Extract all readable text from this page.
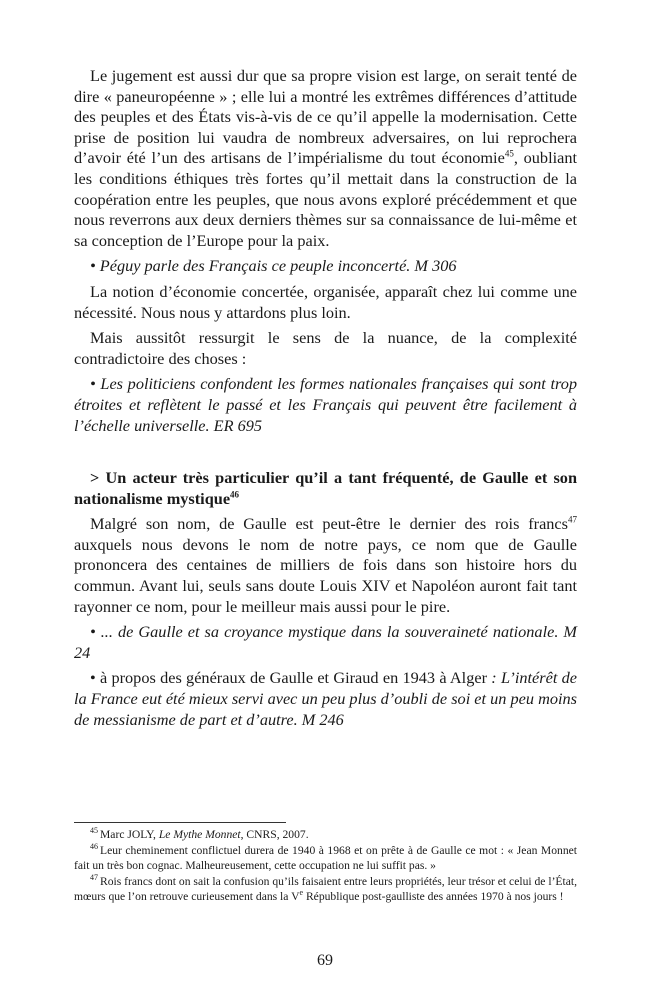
Le jugement est aussi dur que sa propre vision est large, on serait tenté de dire « paneuropéenne » ; elle lui a montré les extrêmes différences d’attitude des peuples et des États vis-à-vis de ce qu’il appelle la modernisation. Cette prise de position lui vaudra de nombreux adversaires, on lui reprochera d’avoir été l’un des artisans de l’impérialisme du tout économie$^{45}$, oubliant les conditions éthiques très fortes qu’il mettait dans la construction de la coopération entre les peuples, que nous avons exploré précédemment et que nous reverrons aux deux derniers thèmes sur sa connaissance de lui-même et sa conception de l’Europe pour la paix.

• Péguy parle des Français ce peuple inconcerté. M 306

La notion d’économie concertée, organisée, apparaît chez lui comme une nécessité. Nous nous y attardons plus loin.

Mais aussitôt ressurgit le sens de la nuance, de la complexité contradictoire des choses :

• Les politiciens confondent les formes nationales françaises qui sont trop étroites et reflètent le passé et les Français qui peuvent être facilement à l’échelle universelle. ER 695

> Un acteur très particulier qu’il a tant fréquenté, de Gaulle et son nationalisme mystique$^{46}$

Malgré son nom, de Gaulle est peut-être le dernier des rois francs$^{47}$ auxquels nous devons le nom de notre pays, ce nom que de Gaulle prononcera des centaines de milliers de fois dans son histoire hors du commun. Avant lui, seuls sans doute Louis XIV et Napoléon auront fait tant rayonner ce nom, pour le meilleur mais aussi pour le pire.

• ... de Gaulle et sa croyance mystique dans la souveraineté nationale. M 24

• à propos des généraux de Gaulle et Giraud en 1943 à Alger : L’intérêt de la France eut été mieux servi avec un peu plus d’oubli de soi et un peu moins de messianisme de part et d’autre. M 246

$^{45}$ Marc JOLY, Le Mythe Monnet, CNRS, 2007.

$^{46}$ Leur cheminement conflictuel durera de 1940 à 1968 et on prête à de Gaulle ce mot : « Jean Monnet fait un très bon cognac. Malheureusement, cette occupation ne lui suffit pas. »

$^{47}$ Rois francs dont on sait la confusion qu’ils faisaient entre leurs propriétés, leur trésor et celui de l’État, mœurs que l’on retrouve curieusement dans la Ve République post-gaulliste des années 1970 à nos jours !

69
